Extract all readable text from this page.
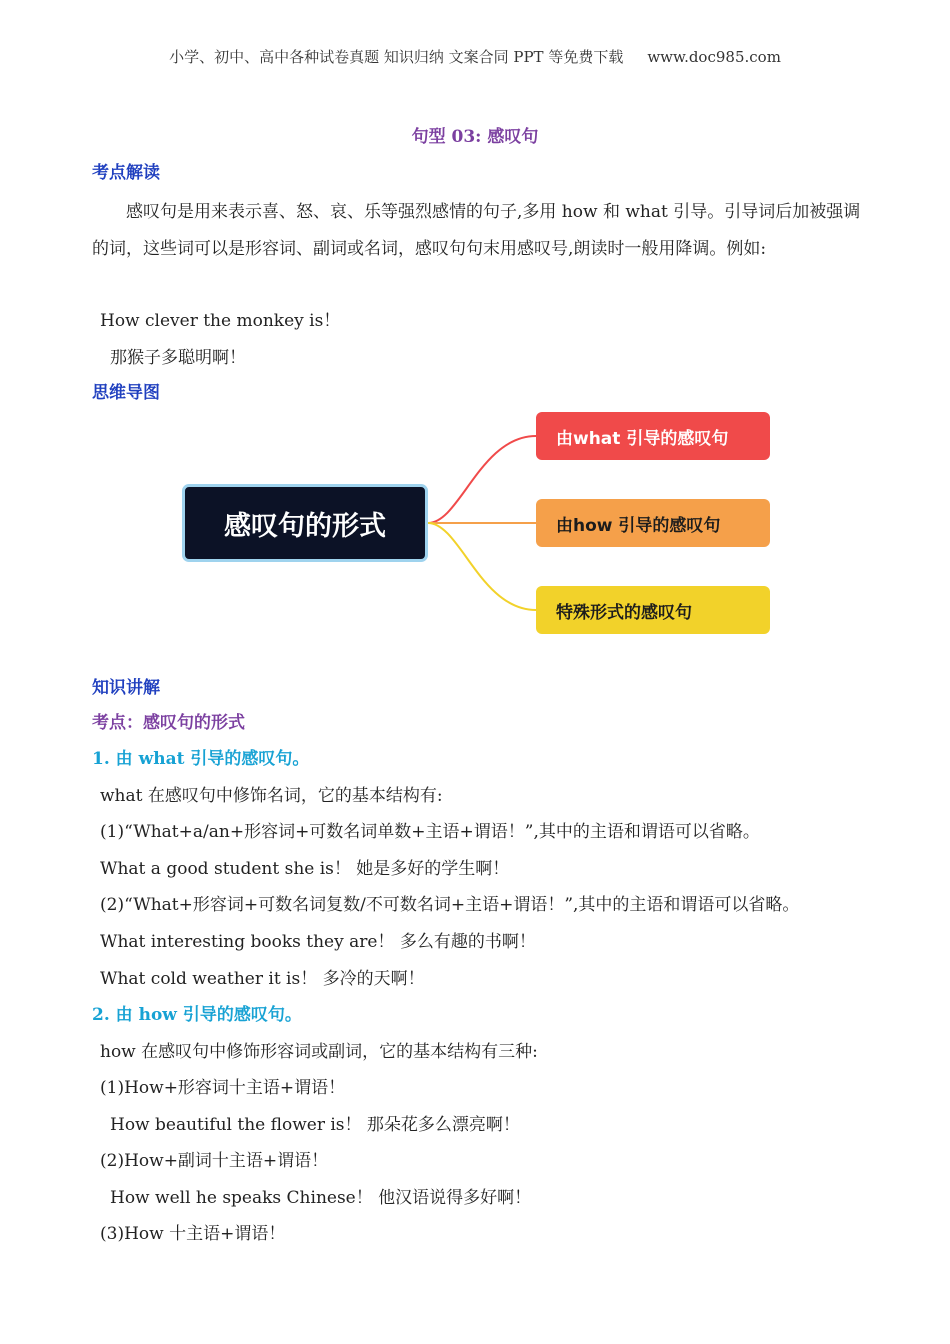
小学、初中、高中各种试卷真题 知识归纳 文案合同 PPT 等免费下载 www.doc985.com
句型 03: 感叹句
考点解读
感叹句是用来表示喜、怒、哀、乐等强烈感情的句子,多用 how 和 what 引导。引导词后加被强调的词，这些词可以是形容词、副词或名词，感叹句句末用感叹号,朗读时一般用降调。例如:
How clever the monkey is！
那猴子多聪明啊！
思维导图
感叹句的形式
由what 引导的感叹句
由how 引导的感叹句
特殊形式的感叹句
知识讲解
考点：感叹句的形式
1. 由 what 引导的感叹句。
what 在感叹句中修饰名词，它的基本结构有:
(1)“What+a/an+形容词+可数名词单数+主语+谓语！”,其中的主语和谓语可以省略。
What a good student she is！ 她是多好的学生啊！
(2)“What+形容词+可数名词复数/不可数名词+主语+谓语！”,其中的主语和谓语可以省略。
What interesting books they are！ 多么有趣的书啊！
What cold weather it is！ 多冷的天啊！
2. 由 how 引导的感叹句。
how 在感叹句中修饰形容词或副词，它的基本结构有三种:
(1)How+形容词十主语+谓语！
How beautiful the flower is！ 那朵花多么漂亮啊！
(2)How+副词十主语+谓语！
How well he speaks Chinese！ 他汉语说得多好啊！
(3)How 十主语+谓语！
